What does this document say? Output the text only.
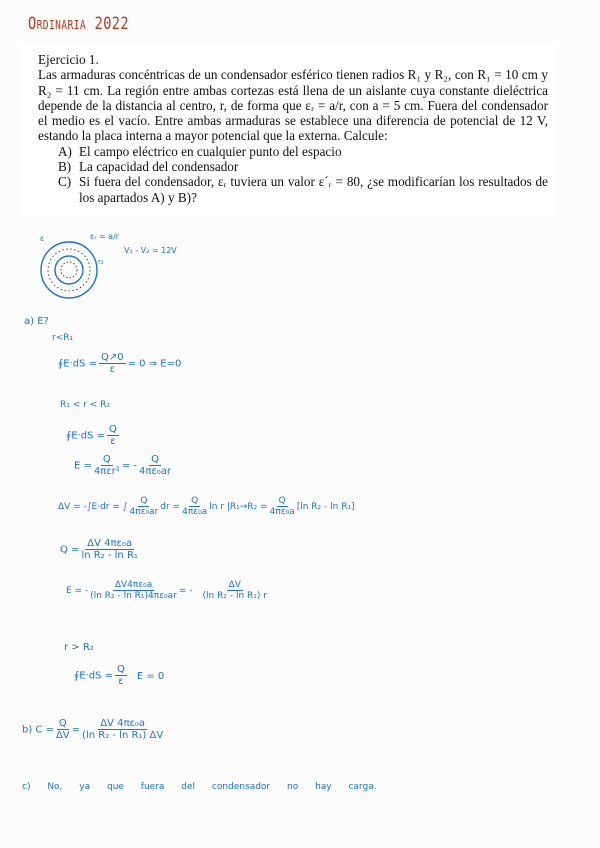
Ordinaria 2022

Ejercicio 1.

Las armaduras concéntricas de un condensador esférico tienen radios R₁ y R₂, con R₁ = 10 cm y R₂ = 11 cm. La región entre ambas cortezas está llena de un aislante cuya constante dieléctrica depende de la distancia al centro, r, de forma que εᵣ = a/r, con a = 5 cm. Fuera del condensador el medio es el vacío. Entre ambas armaduras se establece una diferencia de potencial de 12 V, estando la placa interna a mayor potencial que la externa. Calcule:

A) El campo eléctrico en cualquier punto del espacio
B) La capacidad del condensador
C) Si fuera del condensador, εᵣ tuviera un valor ε´ᵣ = 80, ¿se modificarían los resultados de los apartados A) y B)?
ε	εᵣ = a/r
r₂
V₁ - V₂ = 12V
a) E?
r<R₁
∮E·dS = $\frac{Q↗0}{\varepsilon} = 0$ ⇒ E=0
R₁ < r < R₂
∮E·dS = $\frac{Q}{\varepsilon}$
$E = \frac{Q}{\text{4πεr²}}$ = - $\frac{Q}{\text{4πε₀ar}}$
ΔV = -∫E·dr = ∫ $\frac{Q}{\text{4πε₀ar}}$ dr = $\frac{Q}{\text{4πε₀a}}$ ln r $|R_1\to R_2 = \frac{Q}{\text{4πε₀a}} [\ln$ R₂ - ln R₁]
$Q = \frac{\text{ΔV 4πε₀a}}{\text{ln R₂ - ln R₁}}$
E = - $\frac{\text{ΔV4πε₀a}}{\text{(ln R₂ - ln R₁)4πε₀ar}}$ = - $\frac{\Delta V}{\text{(ln R₂ - ln R₁) r}}$
r > R₂
∮E·dS = $\frac{Q}{\varepsilon}$ E = 0
b) $C = \frac{Q}{\Delta V} = \frac{\text{ΔV 4πε₀a}}{\text{(ln R₂ - ln R₁) ΔV}}$
c) No, ya que fuera del condensador no hay carga.
